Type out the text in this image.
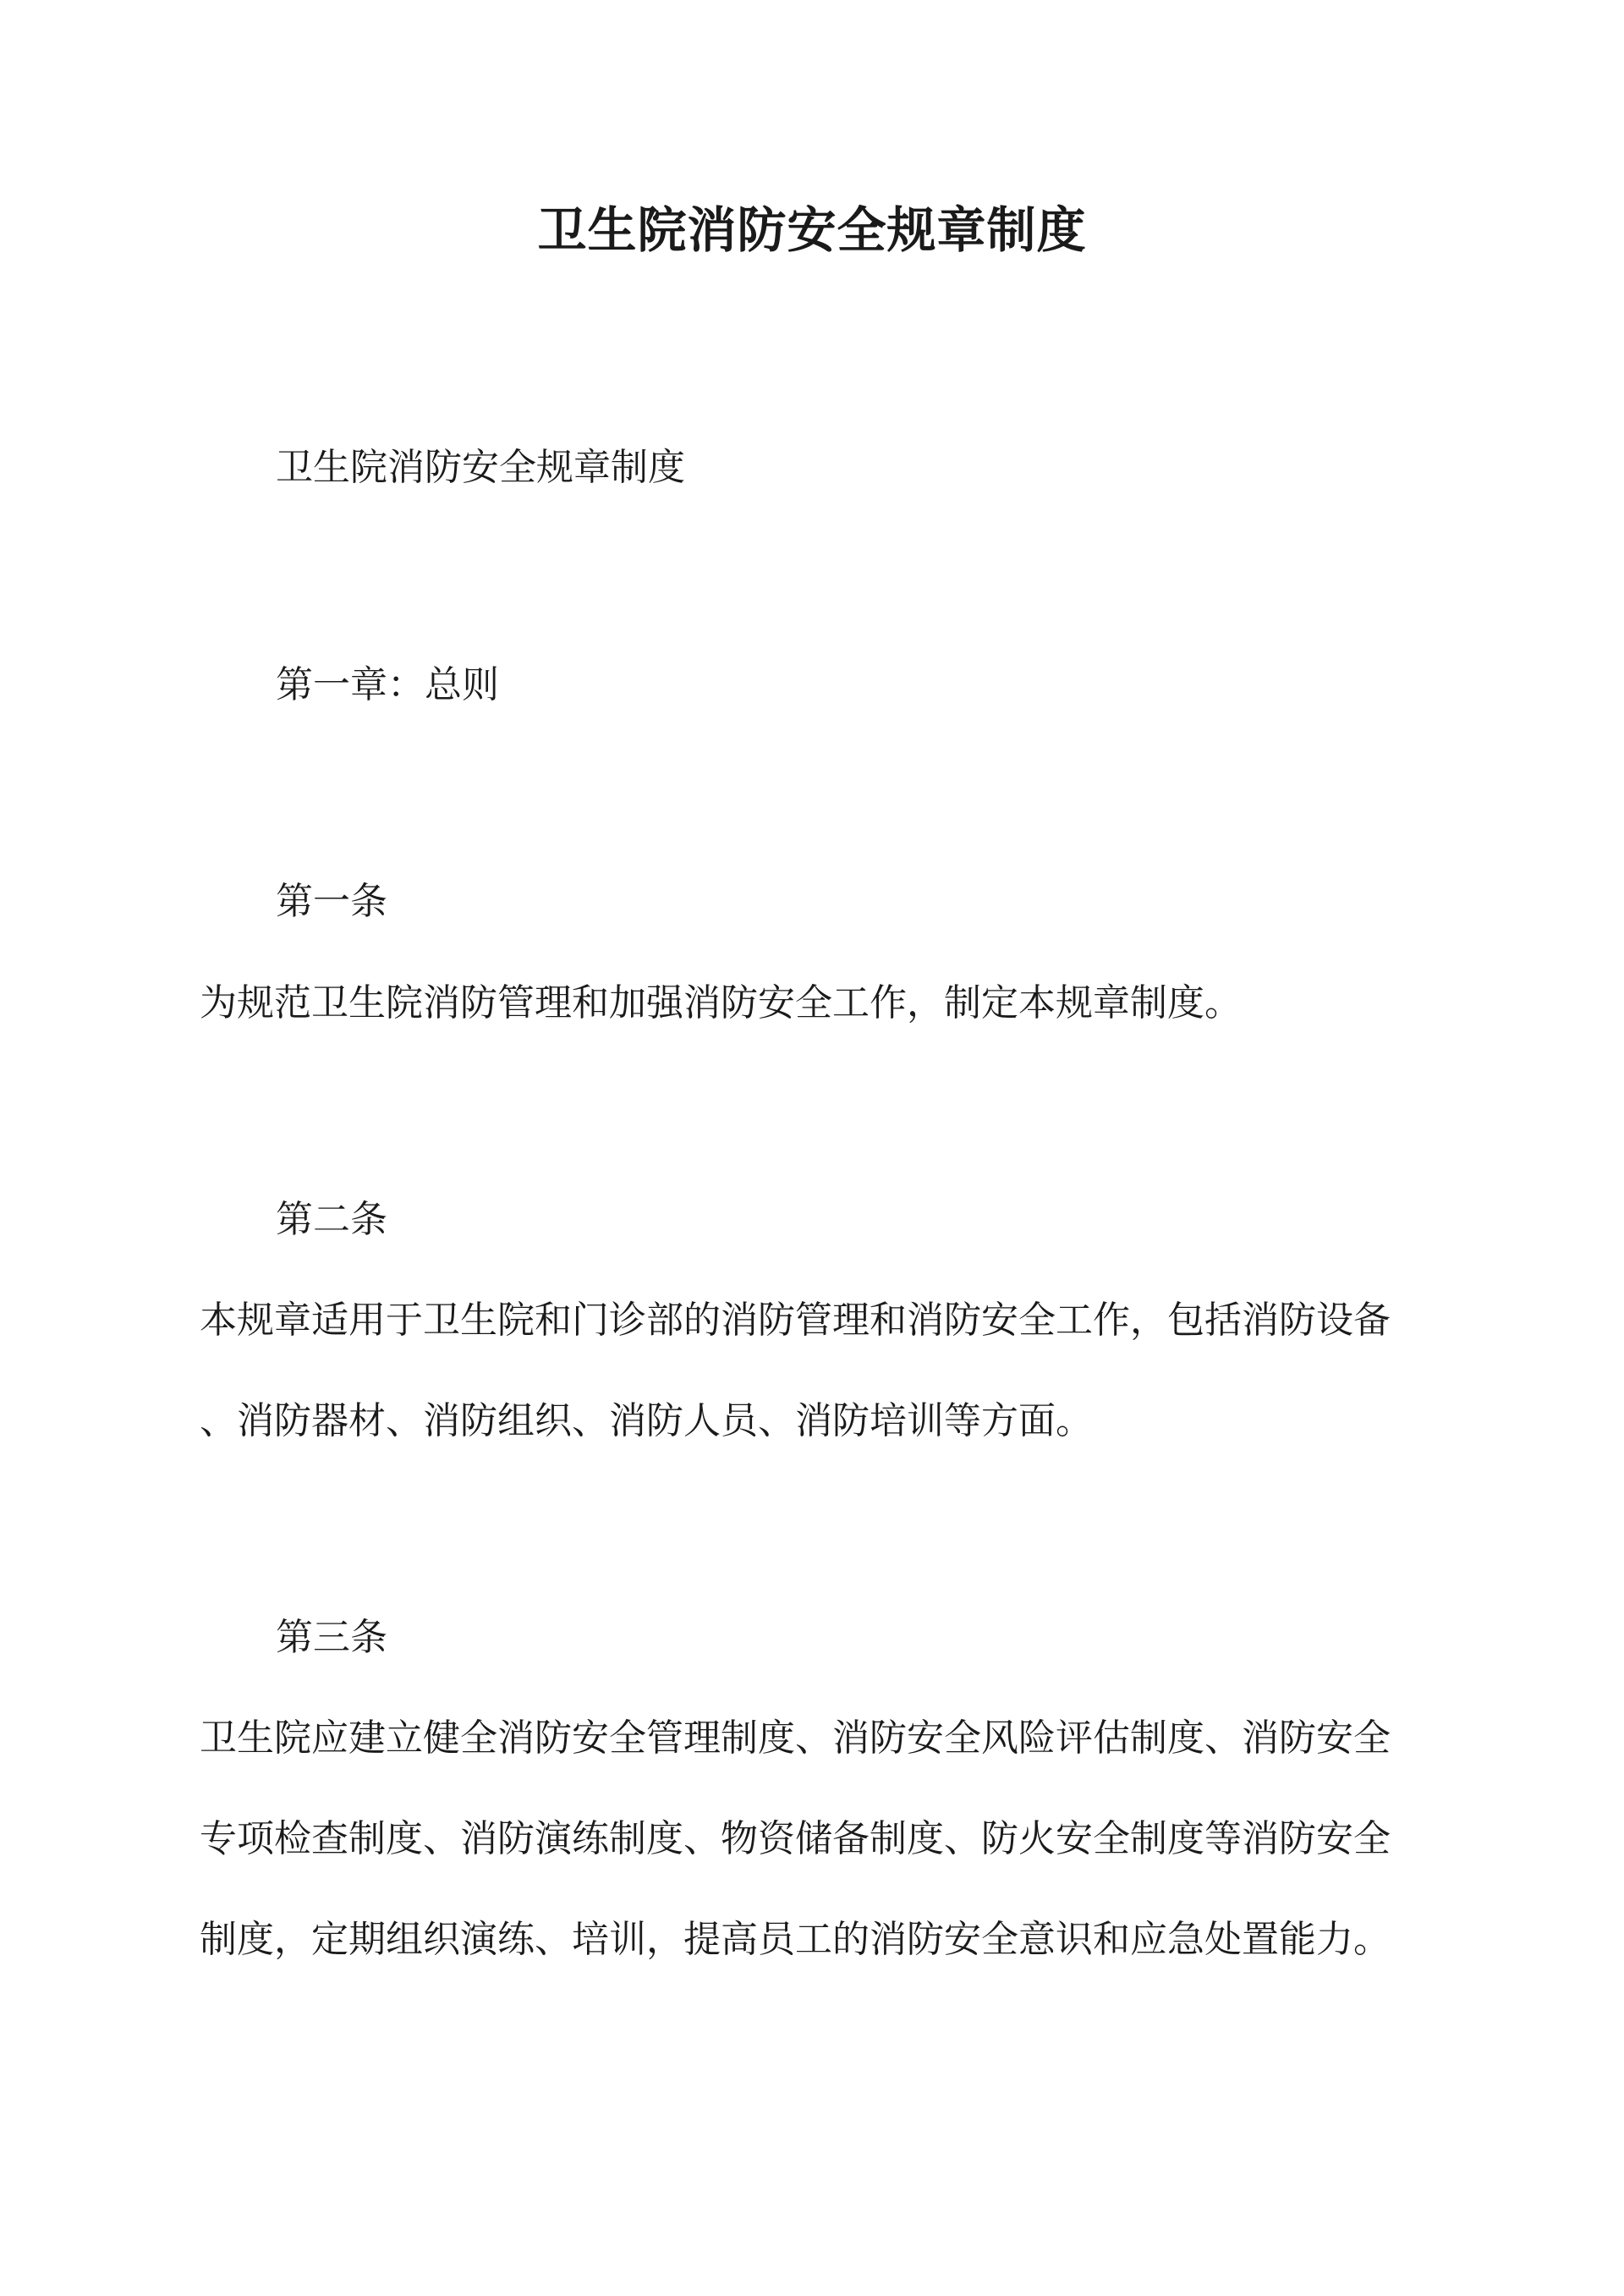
卫生院消防安全规章制度

卫生院消防安全规章制度

第一章：总则

第一条

为规范卫生院消防管理和加强消防安全工作，制定本规章制度。

第二条

本规章适用于卫生院和门诊部的消防管理和消防安全工作，包括消防设备

、消防器材、消防组织、消防人员、消防培训等方面。

第三条

卫生院应建立健全消防安全管理制度、消防安全风险评估制度、消防安全

专项检查制度、消防演练制度、物资储备制度、防火安全制度等消防安全

制度，定期组织演练、培训，提高员工的消防安全意识和应急处置能力。
